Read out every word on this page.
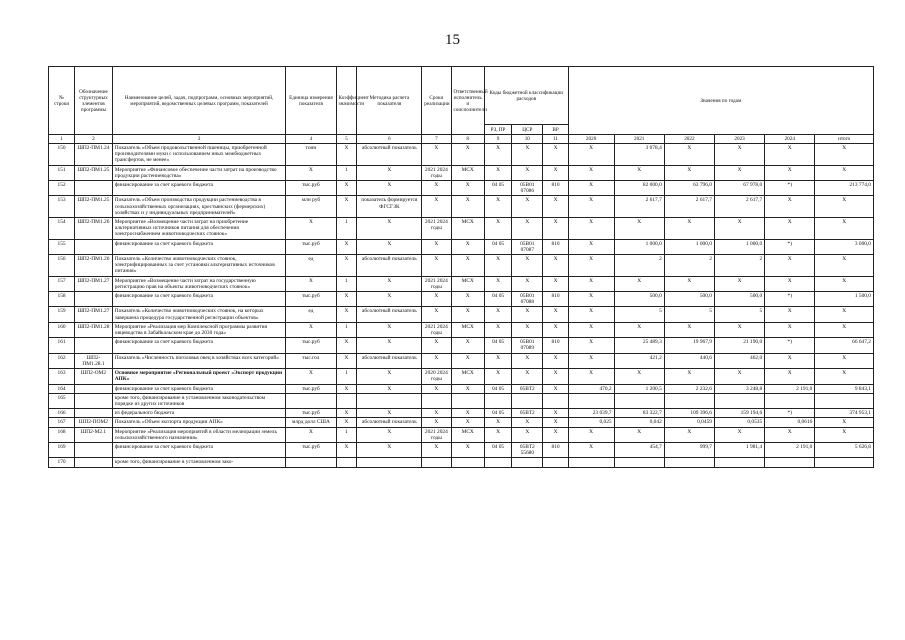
15
№ строки	Обозначение структурных элементов программы	Наименование целей, задач, подпрограмм, основных мероприятий, мероприятий, ведомственных целевых программ, показателей	Единица измерения показателя	Коэффициент значимости	Методика расчета показателя	Сроки реализации	Ответственный исполнитель и соисполнители	Коды бюджетной классификации расходов			Значения по годам					
								РЗ, ПР	ЦСР	ВР						
1	2	3	4	5	6	7	8	9	10	11	2020	2021	2022	2023	2024	итого
150	ШП2-ПМ1.24	Показатель «Объем продовольственной пшеницы, приобретенной производителями муки с использованием иных межбюджетных трансфертов, не менее»	тонн	X	абсолютный показатель	X	X	X	X	X	X	3 078,4	X	X	X	X
151	ШП2-ПМ1.25	Мероприятие «Финансовое обеспечение части затрат на производство продукции растениеводства»	X	1	X	2021 2024 годы	МСХ	X	X	X	X	X	X	X	X	X
152		финансирование за счет краевого бюджета	тыс.руб	X	X	X	X	04 05	05В01 07086	810	X	82 000,0	63 796,0	67 978,0	*)	213 774,0
153	ШП2-ПМ1.25	Показатель «Объем производства продукции растениеводства в сельскохозяйственных организациях, крестьянских (фермерских) хозяйствах и у индивидуальных предпринимателей»	млн руб	X	показатель формируется ФГСГЗК	X	X	X	X	X	X	2 617,7	2 617,7	2 617,7	X	X
154	ШП2-ПМ1.26	Мероприятие «Возмещение части затрат на приобретение альтернативных источников питания для обеспечения электроснабжением животноводческих стоянок»	X	1	X	2021 2024 годы	МСХ	X	X	X	X	X	X	X	X	X
155		финансирование за счет краевого бюджета	тыс.руб	X	X	X	X	04 05	05В01 07087	810	X	1 000,0	1 000,0	1 000,0	*)	3 000,0
156	ШП2-ПМ1.26	Показатель «Количество животноводческих стоянок, электрифицированных за счет установки альтернативных источников питания»	ед	X	абсолютный показатель	X	X	X	X	X	X	2	2	2	X	X
157	ШП2-ПМ1.27	Мероприятие «Возмещение части затрат на государственную регистрацию прав на объекты животноводческих стоянок»	X	1	X	2021 2024 годы	МСХ	X	X	X	X	X	X	X	X	X
158		финансирование за счет краевого бюджета	тыс.руб	X	X	X	X	04 05	05В01 07088	810	X	500,0	500,0	500,0	*)	1 500,0
159	ШП2-ПМ1.27	Показатель «Количество животноводческих стоянок, на которых завершена процедура государственной регистрации объектов»	ед	X	абсолютный показатель	X	X	X	X	X	X	5	5	5	X	X
160	ШП2-ПМ1.28	Мероприятие «Реализация мер Комплексной программы развития овцеводства в Забайкальском крае до 2030 года»	X	1	X	2021 2024 годы	МСХ	X	X	X	X	X	X	X	X	X
161		финансирование за счет краевого бюджета	тыс.руб	X	X	X	X	04 05	05В01 07089	810	X	25 489,3	19 967,9	21 190,0	*)	66 647,2
162	ШП2-ПМ1.28.1	Показатель «Численность поголовья овец в хозяйствах всех категорий»	тыс.гол	X	абсолютный показатель	X	X	X	X	X	X	421,2	440,6	462,0	X	X
163	ШП2-ОМ2	Основное мероприятие «Региональный проект «Экспорт продукции АПК»	X	1	X	2020 2024 годы	МСХ	X	X	X	X	X	X	X	X	X
164		финансирование за счет краевого бюджета	тыс.руб	X	X	X	X	04 05	05ВТ2	X	470,2	1 200,5	2 232,6	3 248,8	2 191,0	9 843,1
165		кроме того, финансирование в установленном законодательством порядке из других источников														
166		из федерального бюджета	тыс.руб	X	X	X	X	04 05	05ВТ2	X	23 039,7	83 322,7	109 396,6	159 194,6	*)	374 953,1
167	ШП2-ПОМ2	Показатель «Объем экспорта продукции АПК»	млрд долл США	X	абсолютный показатель	X	X	X	X	X	0,025	0,042	0,0459	0,0535	0,0616	X
168	ШП2-М2.1	Мероприятие «Реализация мероприятий в области мелиорации земель сельскохозяйственного назначения»	X	1	X	2021 2024 годы	МСХ	X	X	X	X	X	X	X	X	X
169		финансирование за счет краевого бюджета	тыс.руб	X	X	X	X	04 05	05ВТ2 55680	810	X	454,7	999,7	1 981,4	2 191,0	5 626,8
170		кроме того, финансирование в установленном зако-														
